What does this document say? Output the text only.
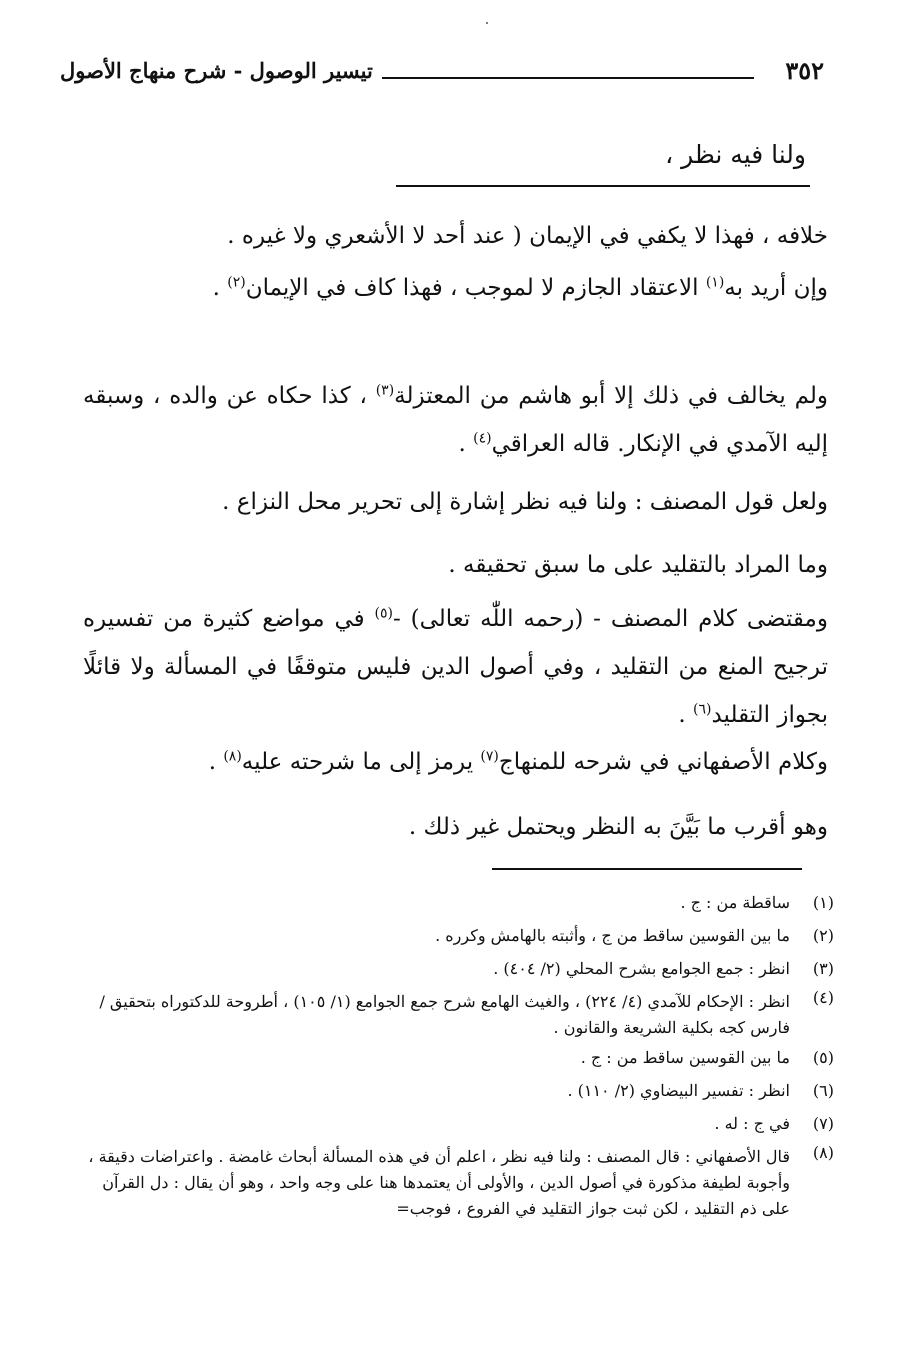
٣٥٢
تيسير الوصول - شرح منهاج الأصول
ولنا فيه نظر ،
خلافه ، فهذا لا يكفي في الإيمان ( عند أحد لا الأشعري ولا غيره .
وإن أريد به$^{(١)}$ الاعتقاد الجازم لا لموجب ، فهذا كاف في الإيمان$^{(٢)}$ .
ولم يخالف في ذلك إلا أبو هاشم من المعتزلة$^{(٣)}$ ، كذا حكاه عن والده ، وسبقه إليه الآمدي في الإنكار. قاله العراقي$^{(٤)}$ .
ولعل قول المصنف : ولنا فيه نظر إشارة إلى تحرير محل النزاع .
وما المراد بالتقليد على ما سبق تحقيقه .
ومقتضى كلام المصنف - (رحمه اللّٰه تعالى) -$^{(٥)}$ في مواضع كثيرة من تفسيره ترجيح المنع من التقليد ، وفي أصول الدين فليس متوقفًا في المسألة ولا قائلًا بجواز التقليد$^{(٦)}$ .
وكلام الأصفهاني في شرحه للمنهاج$^{(٧)}$ يرمز إلى ما شرحته عليه$^{(٨)}$ .
وهو أقرب ما بَيَّنَ به النظر ويحتمل غير ذلك .
(١)
ساقطة من : ج .
(٢)
ما بين القوسين ساقط من ج ، وأثبته بالهامش وكرره .
(٣)
انظر : جمع الجوامع بشرح المحلي (٢/ ٤٠٤) .
(٤)
انظر : الإحكام للآمدي (٤/ ٢٢٤) ، والغيث الهامع شرح جمع الجوامع (١/ ١٠٥) ، أطروحة للدكتوراه بتحقيق / فارس كجه بكلية الشريعة والقانون .
(٥)
ما بين القوسين ساقط من : ج .
(٦)
انظر : تفسير البيضاوي (٢/ ١١٠) .
(٧)
في ج : له .
(٨)
قال الأصفهاني : قال المصنف : ولنا فيه نظر ، اعلم أن في هذه المسألة أبحاث غامضة . واعتراضات دقيقة ، وأجوبة لطيفة مذكورة في أصول الدين ، والأولى أن يعتمدها هنا على وجه واحد ، وهو أن يقال : دل القرآن على ذم التقليد ، لكن ثبت جواز التقليد في الفروع ، فوجب=
